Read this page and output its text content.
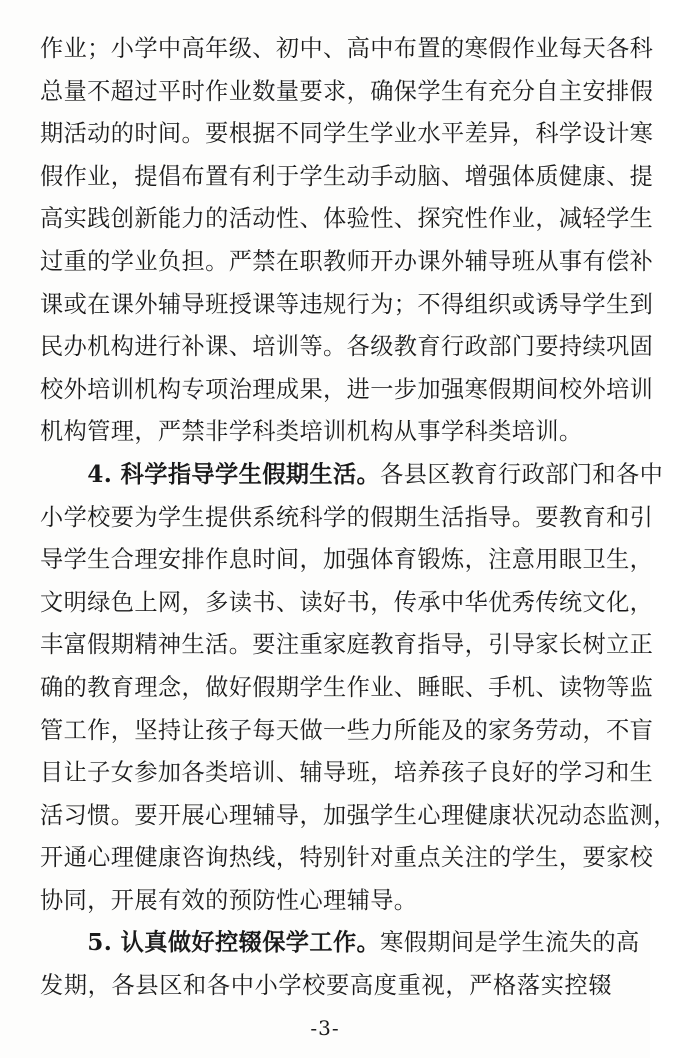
作业；小学中高年级、初中、高中布置的寒假作业每天各科
总量不超过平时作业数量要求，确保学生有充分自主安排假
期活动的时间。要根据不同学生学业水平差异，科学设计寒
假作业，提倡布置有利于学生动手动脑、增强体质健康、提
高实践创新能力的活动性、体验性、探究性作业，减轻学生
过重的学业负担。严禁在职教师开办课外辅导班从事有偿补
课或在课外辅导班授课等违规行为；不得组织或诱导学生到
民办机构进行补课、培训等。各级教育行政部门要持续巩固
校外培训机构专项治理成果，进一步加强寒假期间校外培训
机构管理，严禁非学科类培训机构从事学科类培训。
  4. 科学指导学生假期生活。各县区教育行政部门和各中
小学校要为学生提供系统科学的假期生活指导。要教育和引
导学生合理安排作息时间，加强体育锻炼，注意用眼卫生，
文明绿色上网，多读书、读好书，传承中华优秀传统文化，
丰富假期精神生活。要注重家庭教育指导，引导家长树立正
确的教育理念，做好假期学生作业、睡眠、手机、读物等监
管工作，坚持让孩子每天做一些力所能及的家务劳动，不盲
目让子女参加各类培训、辅导班，培养孩子良好的学习和生
活习惯。要开展心理辅导，加强学生心理健康状况动态监测，
开通心理健康咨询热线，特别针对重点关注的学生，要家校
协同，开展有效的预防性心理辅导。
  5. 认真做好控辍保学工作。寒假期间是学生流失的高
发期，各县区和各中小学校要高度重视，严格落实控辍
-3-
